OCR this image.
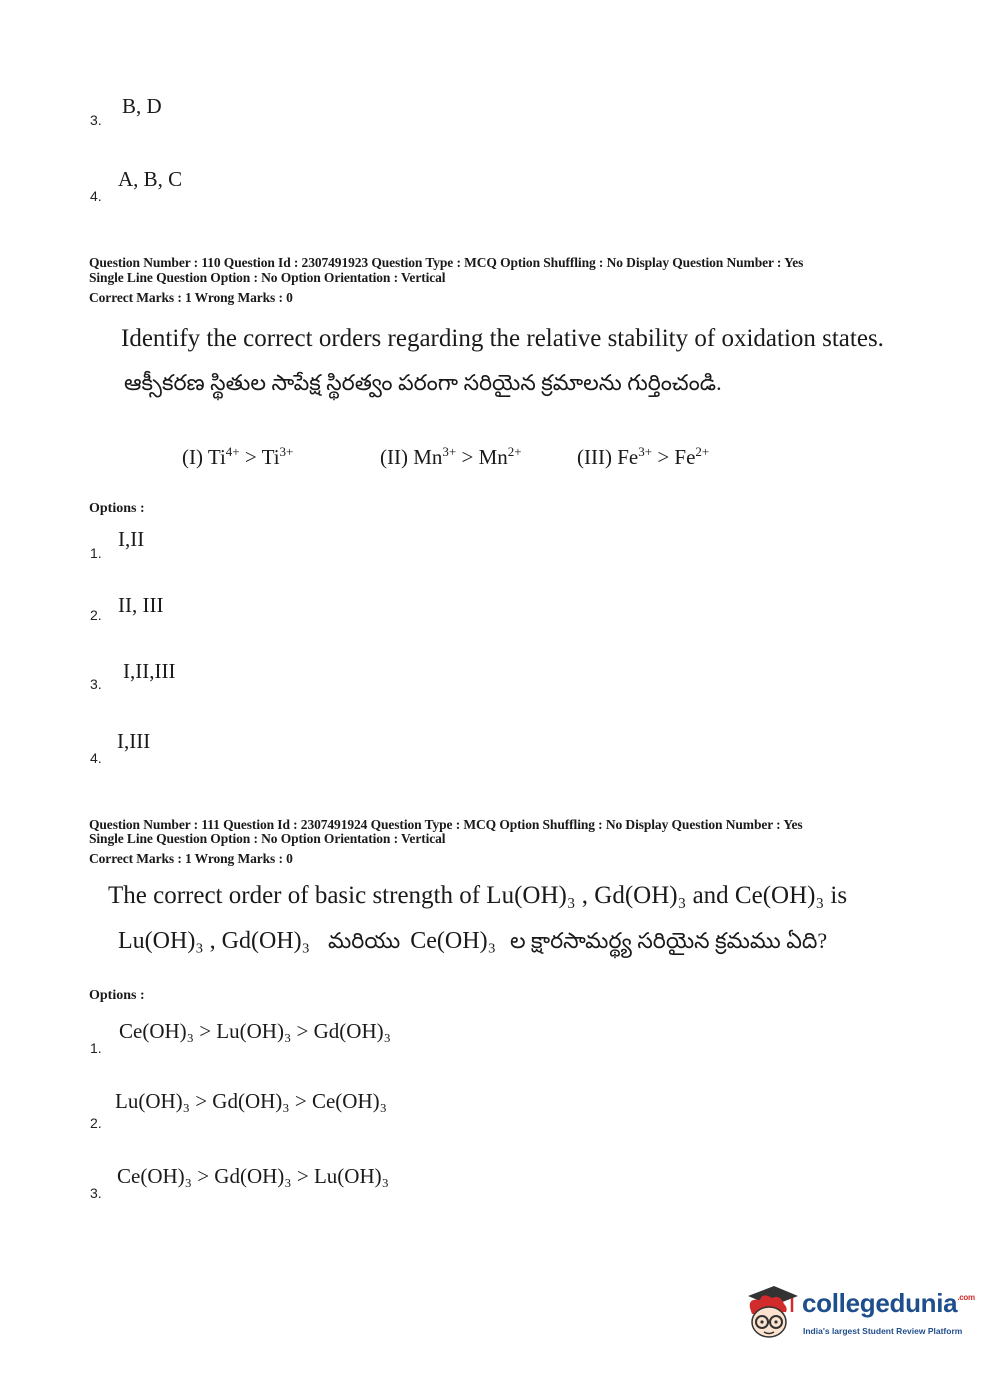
B, D
3.
A, B, C
4.
Question Number : 110 Question Id : 2307491923 Question Type : MCQ Option Shuffling : No Display Question Number : Yes
Single Line Question Option : No Option Orientation : Vertical
Correct Marks : 1 Wrong Marks : 0
Identify the correct orders regarding the relative stability of oxidation states.
ఆక్సీకరణ స్థితుల సాపేక్ష స్థిరత్వం పరంగా సరియైన క్రమాలను గుర్తించండి.
(I) $Ti^{4+} > Ti^{3+}$	(II) $Mn^{3+} > Mn^{2+}$	(III) $Fe^{3+} > Fe^{2+}$
Options :
I,II
1.
II, III
2.
I,II,III
3.
I,III
4.
Question Number : 111 Question Id : 2307491924 Question Type : MCQ Option Shuffling : No Display Question Number : Yes
Single Line Question Option : No Option Orientation : Vertical
Correct Marks : 1 Wrong Marks : 0
The correct order of basic strength of Lu(OH)₃ , Gd(OH)₃ and Ce(OH)₃ is
Lu(OH)₃ , Gd(OH)₃ మరియు Ce(OH)₃ ల క్షారసామర్థ్య సరియైన క్రమము ఏది?
Options :
Ce(OH)₃ > Lu(OH)₃ > Gd(OH)₃
1.
Lu(OH)₃ > Gd(OH)₃ > Ce(OH)₃
2.
Ce(OH)₃ > Gd(OH)₃ > Lu(OH)₃
3.
collegedunia$^{.com}$
India's largest Student Review Platform
